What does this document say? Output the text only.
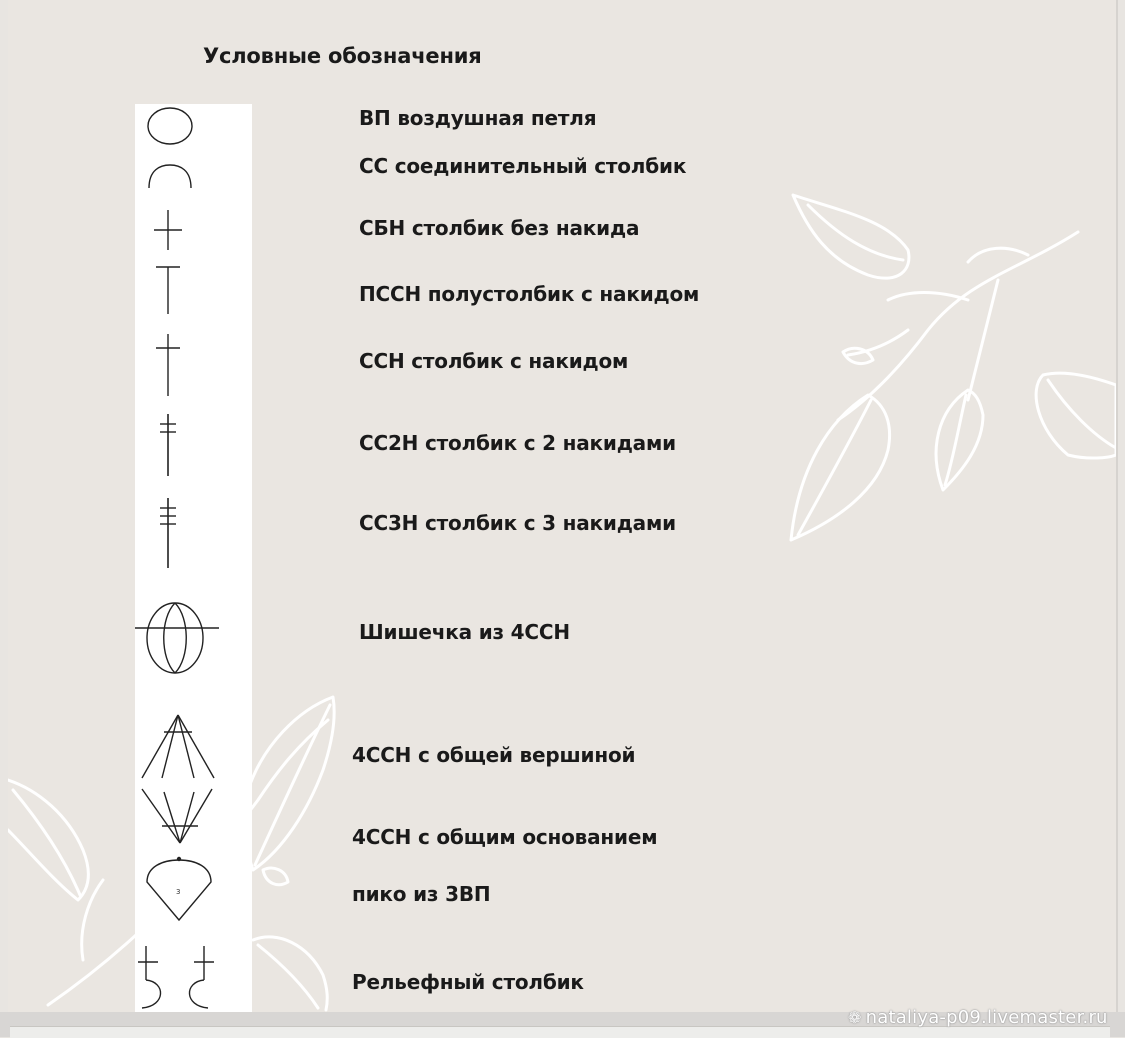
Условные обозначения
3
ВП воздушная петля
СС соединительный столбик
СБН столбик без накида
ПССН полустолбик с накидом
ССН столбик с накидом
СС2Н столбик с 2 накидами
СС3Н столбик с 3 накидами
Шишечка из 4ССН
4ССН с общей вершиной
4ССН с общим основанием
пико из 3ВП
Рельефный столбик
❁ nataliya-p09.livemaster.ru
